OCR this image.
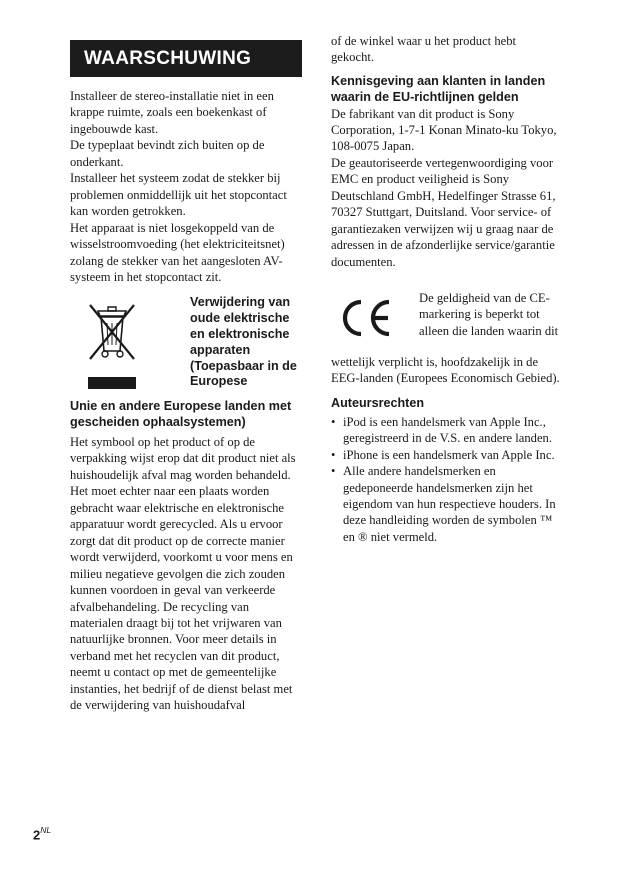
WAARSCHUWING

Installeer de stereo-installatie niet in een krappe ruimte, zoals een boekenkast of ingebouwde kast.

De typeplaat bevindt zich buiten op de onderkant.

Installeer het systeem zodat de stekker bij problemen onmiddellijk uit het stopcontact kan worden getrokken.

Het apparaat is niet losgekoppeld van de wisselstroomvoeding (het elektriciteitsnet) zolang de stekker van het aangesloten AV-systeem in het stopcontact zit.

Verwijdering van oude elektrische en elektronische apparaten (Toepasbaar in de Europese
Unie en andere Europese landen met gescheiden ophaalsystemen)

Het symbool op het product of op de verpakking wijst erop dat dit product niet als huishoudelijk afval mag worden behandeld. Het moet echter naar een plaats worden gebracht waar elektrische en elektronische apparatuur wordt gerecycled. Als u ervoor zorgt dat dit product op de correcte manier wordt verwijderd, voorkomt u voor mens en milieu negatieve gevolgen die zich zouden kunnen voordoen in geval van verkeerde afvalbehandeling. De recycling van materialen draagt bij tot het vrijwaren van natuurlijke bronnen. Voor meer details in verband met het recyclen van dit product, neemt u contact op met de gemeentelijke instanties, het bedrijf of de dienst belast met de verwijdering van huishoudafval

of de winkel waar u het product hebt gekocht.

Kennisgeving aan klanten in landen waarin de EU-richtlijnen gelden

De fabrikant van dit product is Sony Corporation, 1-7-1 Konan Minato-ku Tokyo, 108-0075 Japan.

De geautoriseerde vertegenwoordiging voor EMC en product veiligheid is Sony Deutschland GmbH, Hedelfinger Strasse 61, 70327 Stuttgart, Duitsland. Voor service- of garantiezaken verwijzen wij u graag naar de adressen in de afzonderlijke service/garantie documenten.

De geldigheid van de CE-markering is beperkt tot alleen die landen waarin dit

wettelijk verplicht is, hoofdzakelijk in de EEG-landen (Europees Economisch Gebied).

Auteursrechten
• iPod is een handelsmerk van Apple Inc., geregistreerd in de V.S. en andere landen.
• iPhone is een handelsmerk van Apple Inc.
• Alle andere handelsmerken en gedeponeerde handelsmerken zijn het eigendom van hun respectieve houders. In deze handleiding worden de symbolen ™ en ® niet vermeld.
$2^{NL}$
